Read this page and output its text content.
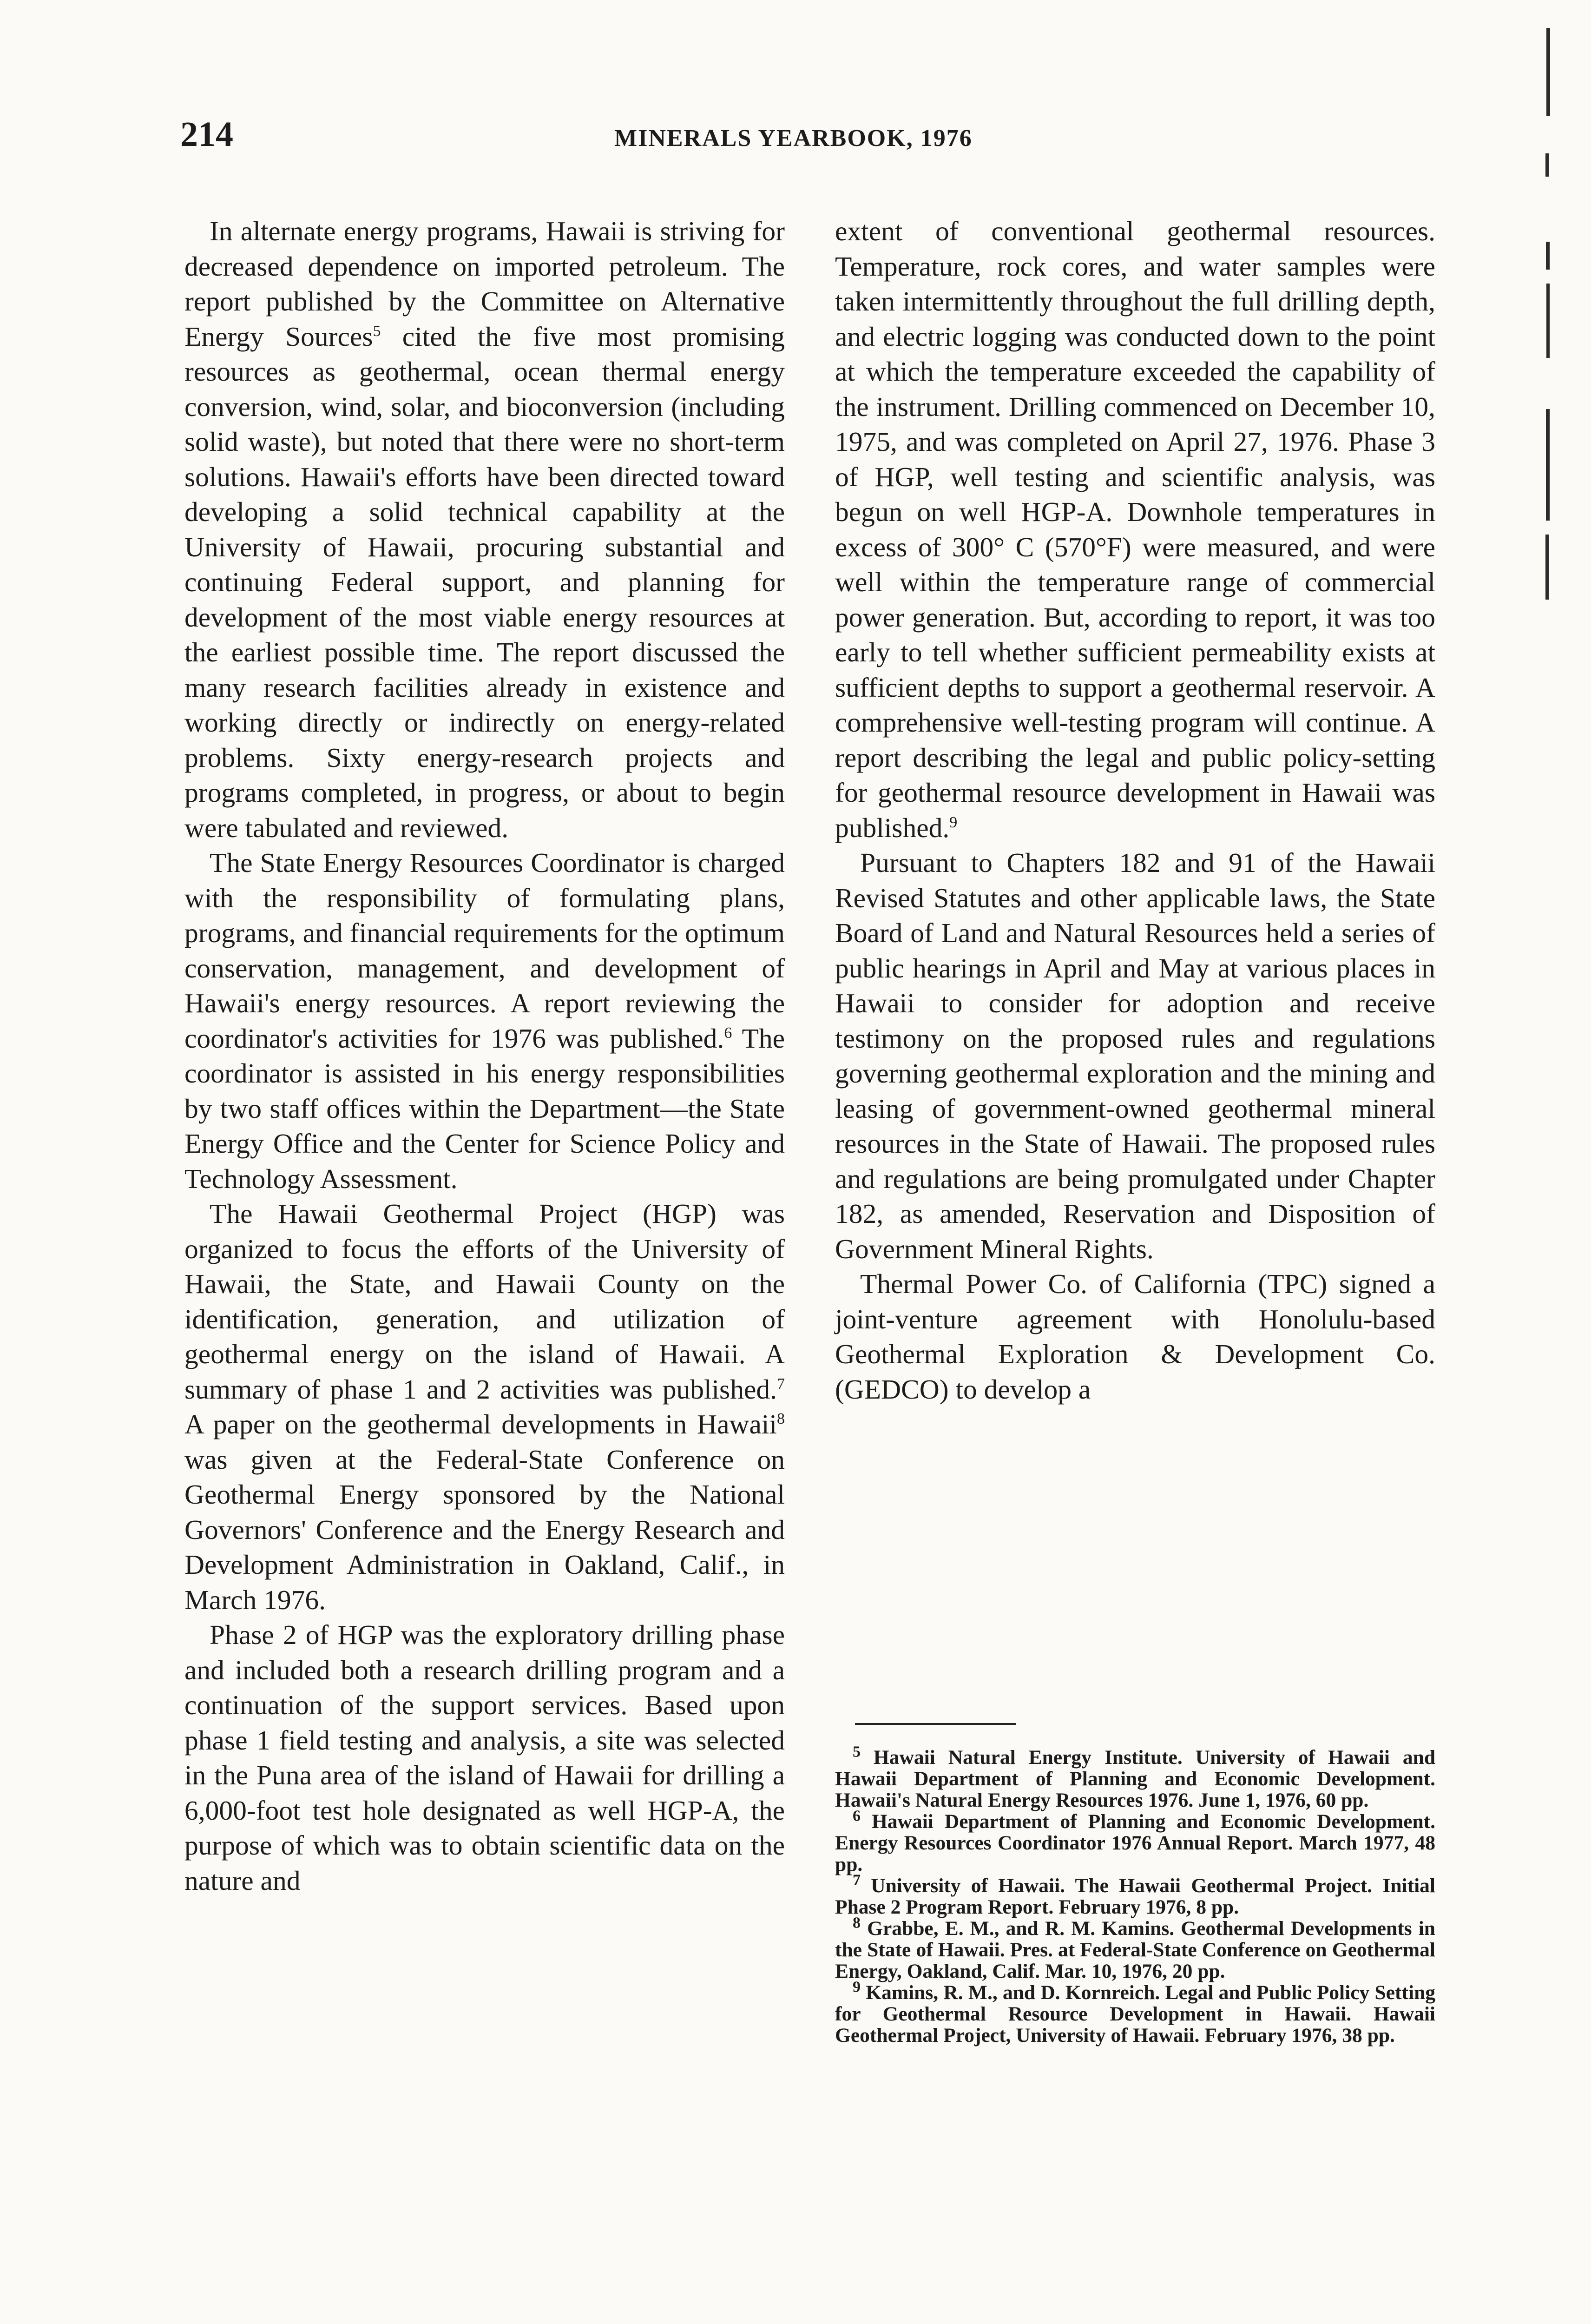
214	MINERALS YEARBOOK, 1976

In alternate energy programs, Hawaii is striving for decreased dependence on imported petroleum. The report published by the Committee on Alternative Energy Sources$^5$ cited the five most promising resources as geothermal, ocean thermal energy conversion, wind, solar, and bioconversion (including solid waste), but noted that there were no short-term solutions. Hawaii's efforts have been directed toward developing a solid technical capability at the University of Hawaii, procuring substantial and continuing Federal support, and planning for development of the most viable energy resources at the earliest possible time. The report discussed the many research facilities already in existence and working directly or indirectly on energy-related problems. Sixty energy-research projects and programs completed, in progress, or about to begin were tabulated and reviewed.

The State Energy Resources Coordinator is charged with the responsibility of formulating plans, programs, and financial requirements for the optimum conservation, management, and development of Hawaii's energy resources. A report reviewing the coordinator's activities for 1976 was published.$^6$ The coordinator is assisted in his energy responsibilities by two staff offices within the Department—the State Energy Office and the Center for Science Policy and Technology Assessment.

The Hawaii Geothermal Project (HGP) was organized to focus the efforts of the University of Hawaii, the State, and Hawaii County on the identification, generation, and utilization of geothermal energy on the island of Hawaii. A summary of phase 1 and 2 activities was published.$^7$ A paper on the geothermal developments in Hawaii$^8$ was given at the Federal-State Conference on Geothermal Energy sponsored by the National Governors' Conference and the Energy Research and Development Administration in Oakland, Calif., in March 1976.

Phase 2 of HGP was the exploratory drilling phase and included both a research drilling program and a continuation of the support services. Based upon phase 1 field testing and analysis, a site was selected in the Puna area of the island of Hawaii for drilling a 6,000-foot test hole designated as well HGP-A, the purpose of which was to obtain scientific data on the nature and

extent of conventional geothermal resources. Temperature, rock cores, and water samples were taken intermittently throughout the full drilling depth, and electric logging was conducted down to the point at which the temperature exceeded the capability of the instrument. Drilling commenced on December 10, 1975, and was completed on April 27, 1976. Phase 3 of HGP, well testing and scientific analysis, was begun on well HGP-A. Downhole temperatures in excess of 300° C (570°F) were measured, and were well within the temperature range of commercial power generation. But, according to report, it was too early to tell whether sufficient permeability exists at sufficient depths to support a geothermal reservoir. A comprehensive well-testing program will continue. A report describing the legal and public policy-setting for geothermal resource development in Hawaii was published.$^9$

Pursuant to Chapters 182 and 91 of the Hawaii Revised Statutes and other applicable laws, the State Board of Land and Natural Resources held a series of public hearings in April and May at various places in Hawaii to consider for adoption and receive testimony on the proposed rules and regulations governing geothermal exploration and the mining and leasing of government-owned geothermal mineral resources in the State of Hawaii. The proposed rules and regulations are being promulgated under Chapter 182, as amended, Reservation and Disposition of Government Mineral Rights.

Thermal Power Co. of California (TPC) signed a joint-venture agreement with Honolulu-based Geothermal Exploration & Development Co. (GEDCO) to develop a

$^5$ Hawaii Natural Energy Institute. University of Hawaii and Hawaii Department of Planning and Economic Development. Hawaii's Natural Energy Resources 1976. June 1, 1976, 60 pp.

$^6$ Hawaii Department of Planning and Economic Development. Energy Resources Coordinator 1976 Annual Report. March 1977, 48 pp.

$^7$ University of Hawaii. The Hawaii Geothermal Project. Initial Phase 2 Program Report. February 1976, 8 pp.

$^8$ Grabbe, E. M., and R. M. Kamins. Geothermal Developments in the State of Hawaii. Pres. at Federal-State Conference on Geothermal Energy, Oakland, Calif. Mar. 10, 1976, 20 pp.

$^9$ Kamins, R. M., and D. Kornreich. Legal and Public Policy Setting for Geothermal Resource Development in Hawaii. Hawaii Geothermal Project, University of Hawaii. February 1976, 38 pp.
